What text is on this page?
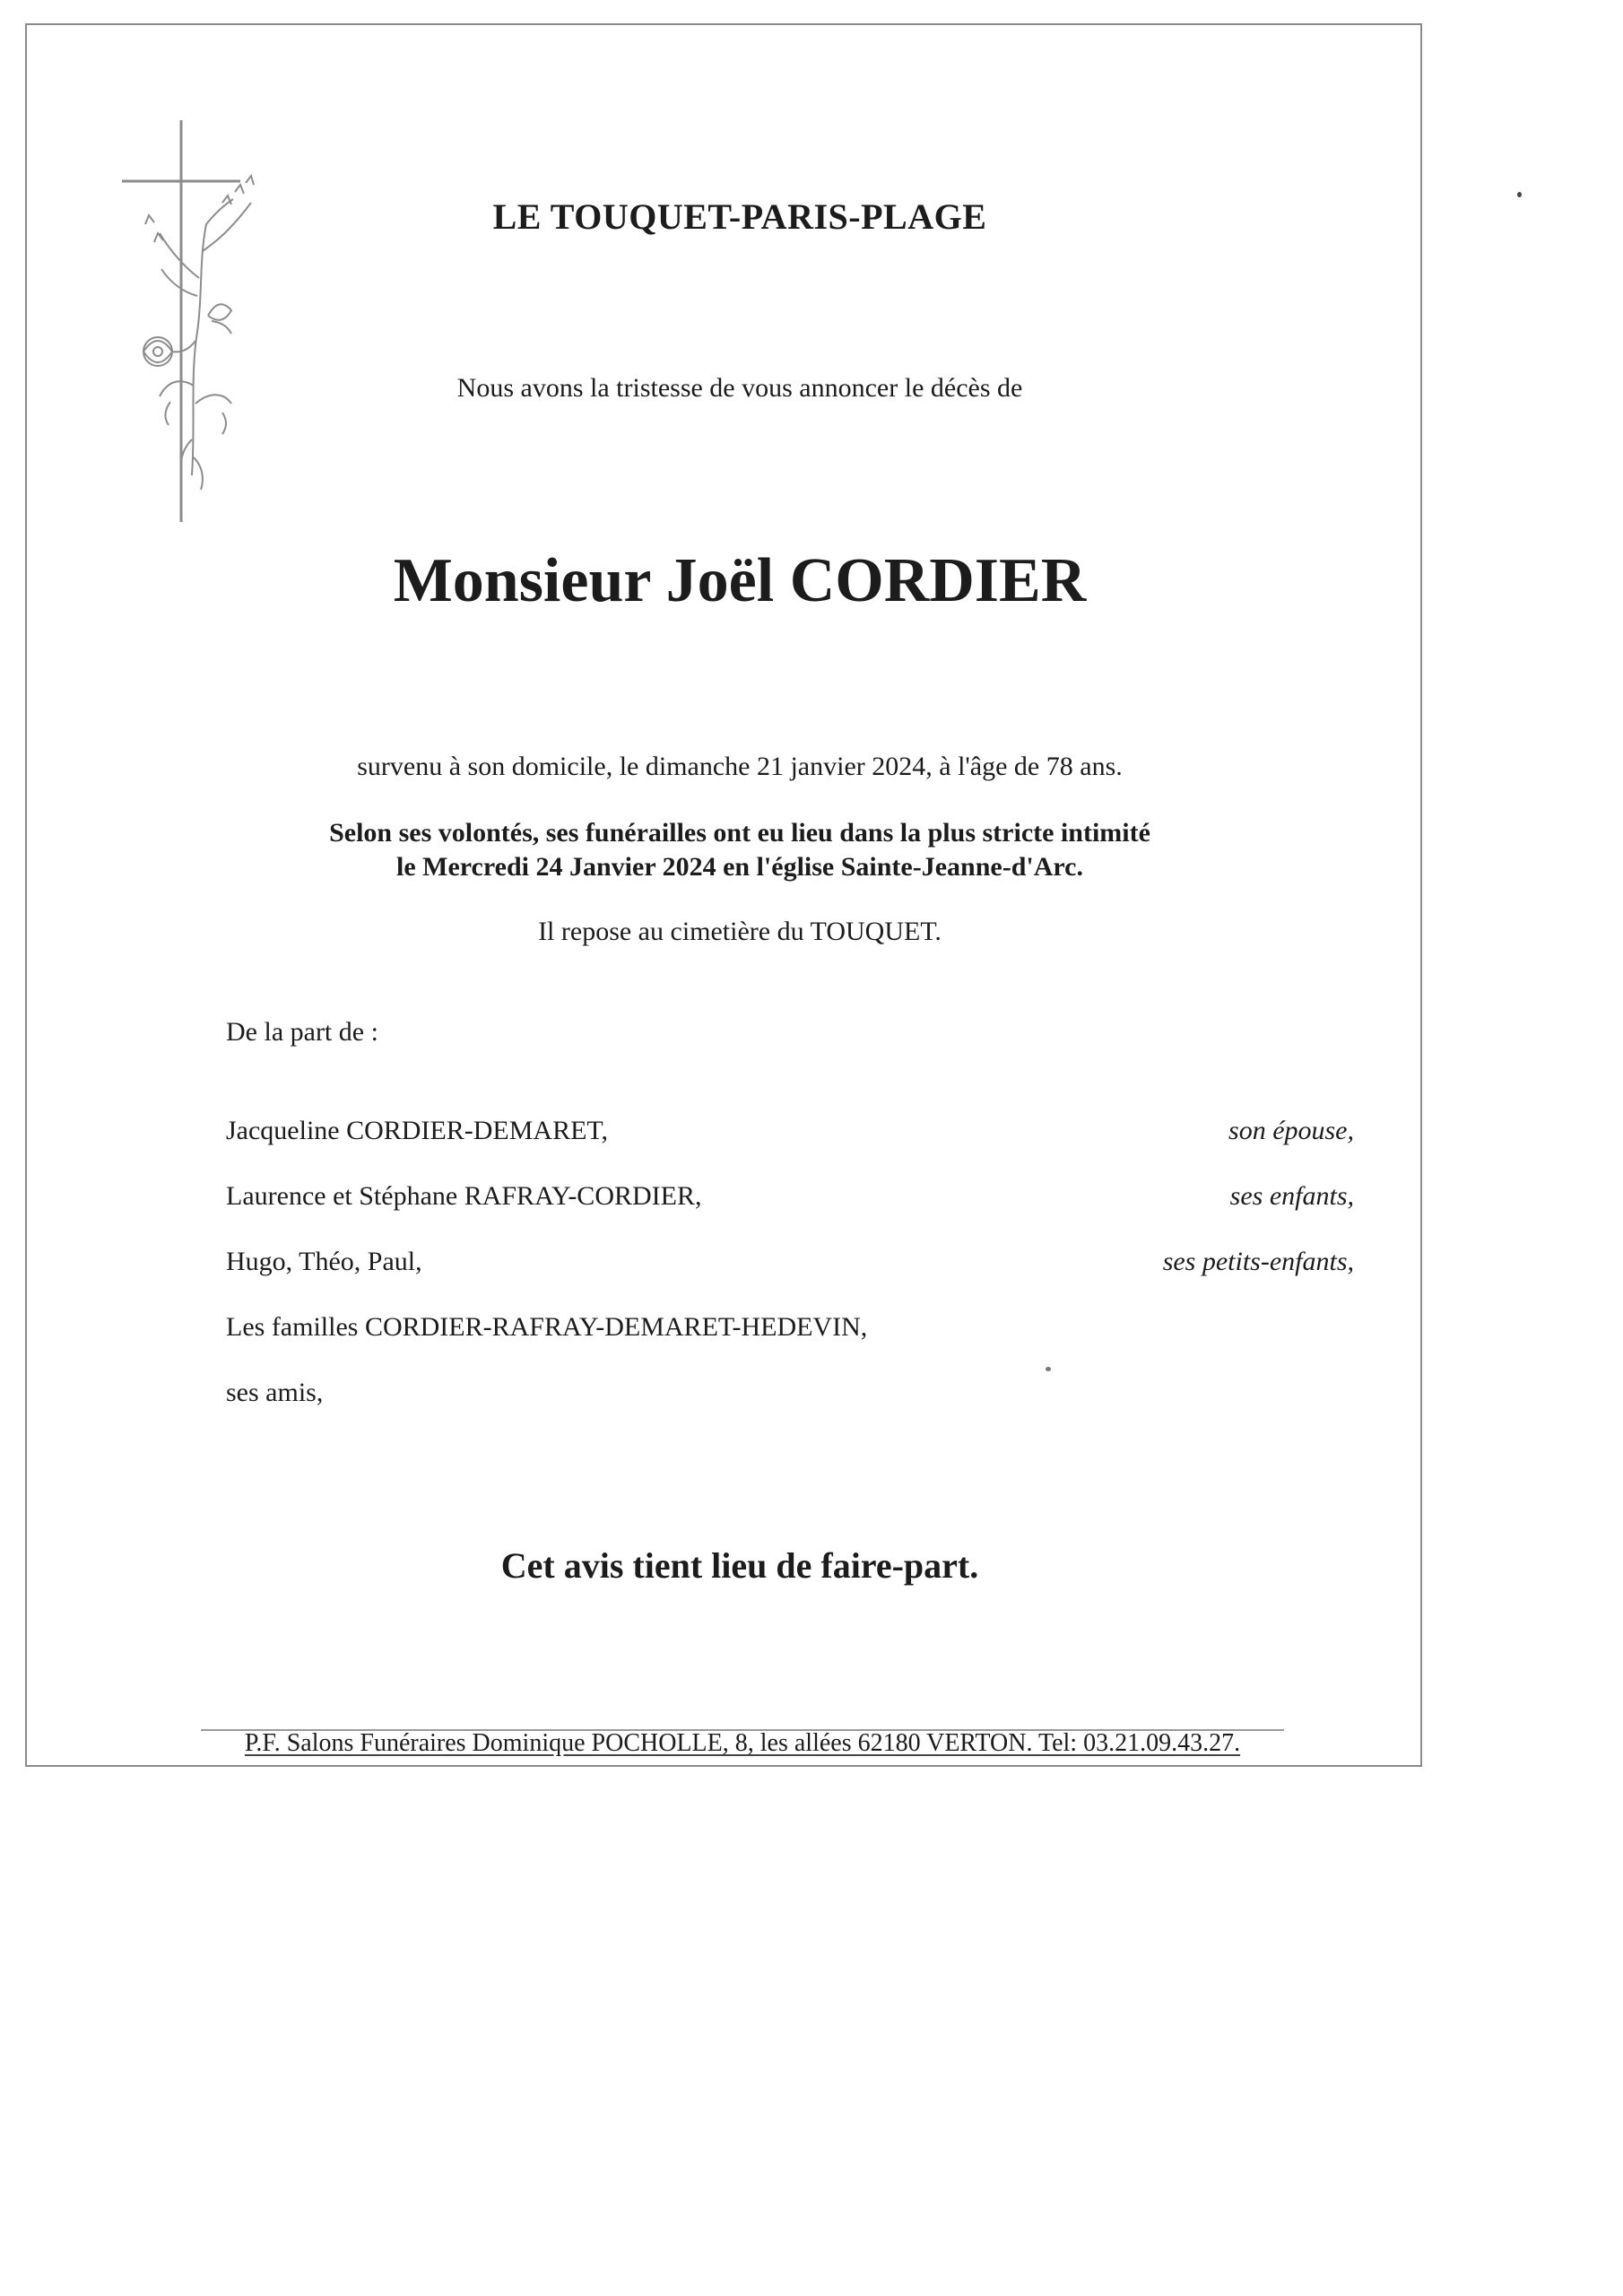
LE TOUQUET-PARIS-PLAGE
Nous avons la tristesse de vous annoncer le décès de
Monsieur Joël CORDIER
survenu à son domicile, le dimanche 21 janvier 2024, à l'âge de 78 ans.
Selon ses volontés, ses funérailles ont eu lieu dans la plus stricte intimité
le Mercredi 24 Janvier 2024 en l'église Sainte-Jeanne-d'Arc.
Il repose au cimetière du TOUQUET.
De la part de :
Jacqueline CORDIER-DEMARET,	son épouse,
Laurence et Stéphane RAFRAY-CORDIER,	ses enfants,
Hugo, Théo, Paul,	ses petits-enfants,
Les familles CORDIER-RAFRAY-DEMARET-HEDEVIN,
ses amis,
Cet avis tient lieu de faire-part.
P.F. Salons Funéraires Dominique POCHOLLE, 8, les allées 62180 VERTON. Tel: 03.21.09.43.27.
